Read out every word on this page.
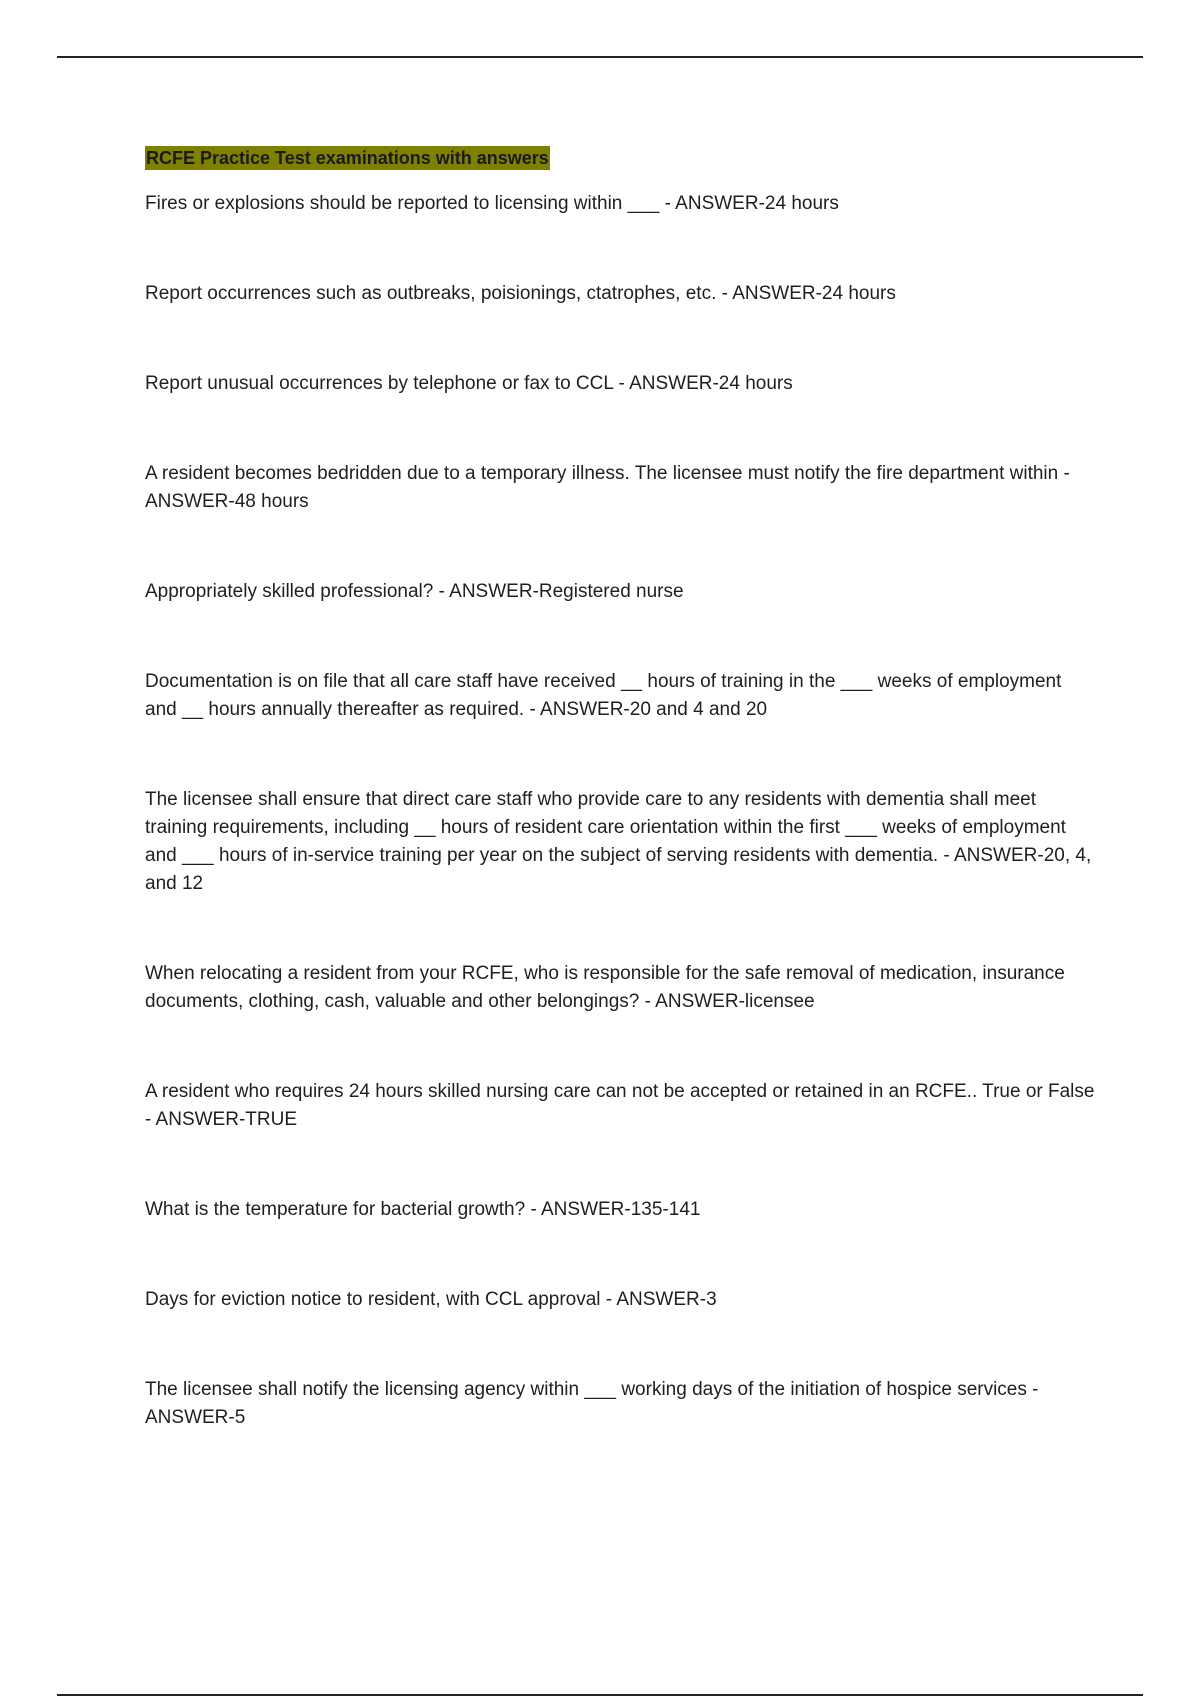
RCFE Practice Test examinations with answers
Fires or explosions should be reported to licensing within ___ - ANSWER-24 hours
Report occurrences such as outbreaks, poisionings, ctatrophes, etc. - ANSWER-24 hours
Report unusual occurrences by telephone or fax to CCL - ANSWER-24 hours
A resident becomes bedridden due to a temporary illness. The licensee must notify the fire department within - ANSWER-48 hours
Appropriately skilled professional? - ANSWER-Registered nurse
Documentation is on file that all care staff have received __ hours of training in the ___ weeks of employment and __ hours annually thereafter as required. - ANSWER-20 and 4 and 20
The licensee shall ensure that direct care staff who provide care to any residents with dementia shall meet training requirements, including __ hours of resident care orientation within the first ___ weeks of employment and ___ hours of in-service training per year on the subject of serving residents with dementia. - ANSWER-20, 4, and 12
When relocating a resident from your RCFE, who is responsible for the safe removal of medication, insurance documents, clothing, cash, valuable and other belongings? - ANSWER-licensee
A resident who requires 24 hours skilled nursing care can not be accepted or retained in an RCFE.. True or False - ANSWER-TRUE
What is the temperature for bacterial growth? - ANSWER-135-141
Days for eviction notice to resident, with CCL approval - ANSWER-3
The licensee shall notify the licensing agency within ___ working days of the initiation of hospice services - ANSWER-5
